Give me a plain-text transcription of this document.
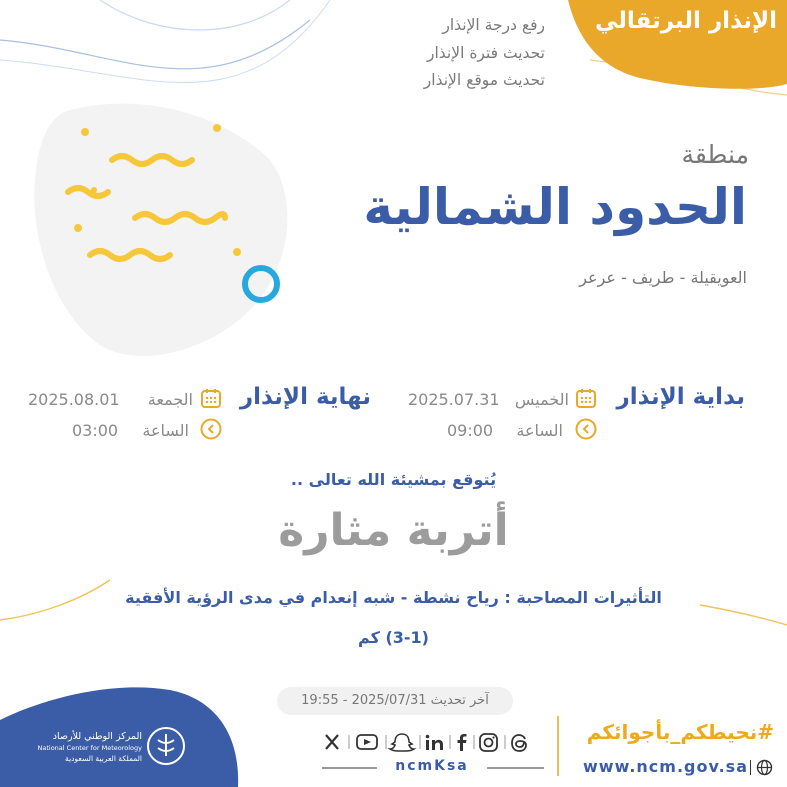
الإنذار البرتقالي
رفع درجة الإنذار
تحديث فترة الإنذار
تحديث موقع الإنذار
منطقة
الحدود الشمالية
العويقيلة - طريف - عرعر
بداية الإنذار
الخميس
2025.07.31
الساعة
09:00
نهاية الإنذار
الجمعة
2025.08.01
الساعة
03:00
يُتوقع بمشيئة الله تعالى ..
أتربة مثارة
التأثيرات المصاحبة : رياح نشطة - شبه إنعدام في مدى الرؤية الأفقية
(3-1) كم
آخر تحديث 2025/07/31 - 19:55
المركز الوطني للأرصاد
National Center for Meteorology
المملكة العربية السعودية	ncmKsa
#نحيطكم_بأجوائكم
www.ncm.gov.sa
